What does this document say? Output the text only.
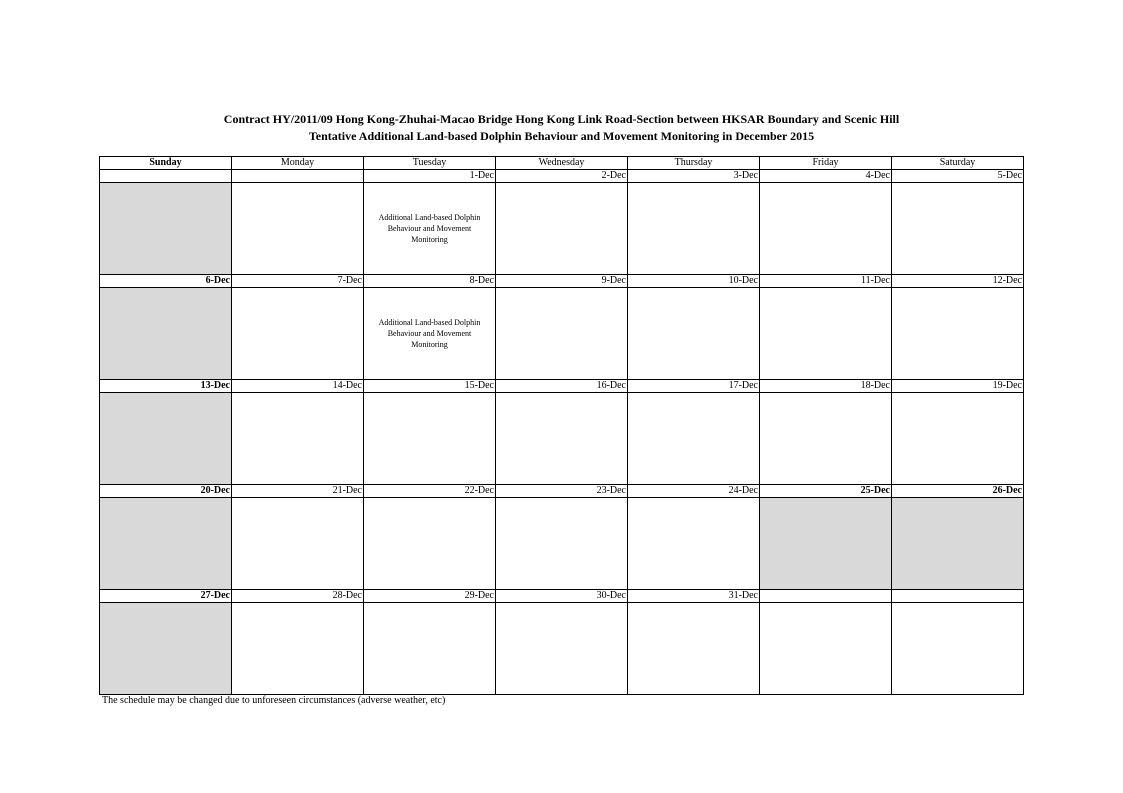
Contract HY/2011/09 Hong Kong-Zhuhai-Macao Bridge Hong Kong Link Road-Section between HKSAR Boundary and Scenic Hill
Tentative Additional Land-based Dolphin Behaviour and Movement Monitoring in December 2015
Sunday	Monday	Tuesday	Wednesday	Thursday	Friday	Saturday
		1-Dec	2-Dec	3-Dec	4-Dec	5-Dec
		Additional Land-based Dolphin Behaviour and Movement Monitoring				
6-Dec	7-Dec	8-Dec	9-Dec	10-Dec	11-Dec	12-Dec
		Additional Land-based Dolphin Behaviour and Movement Monitoring				
13-Dec	14-Dec	15-Dec	16-Dec	17-Dec	18-Dec	19-Dec

20-Dec	21-Dec	22-Dec	23-Dec	24-Dec	25-Dec	26-Dec

27-Dec	28-Dec	29-Dec	30-Dec	31-Dec		

The schedule may be changed due to unforeseen circumstances (adverse weather, etc)
